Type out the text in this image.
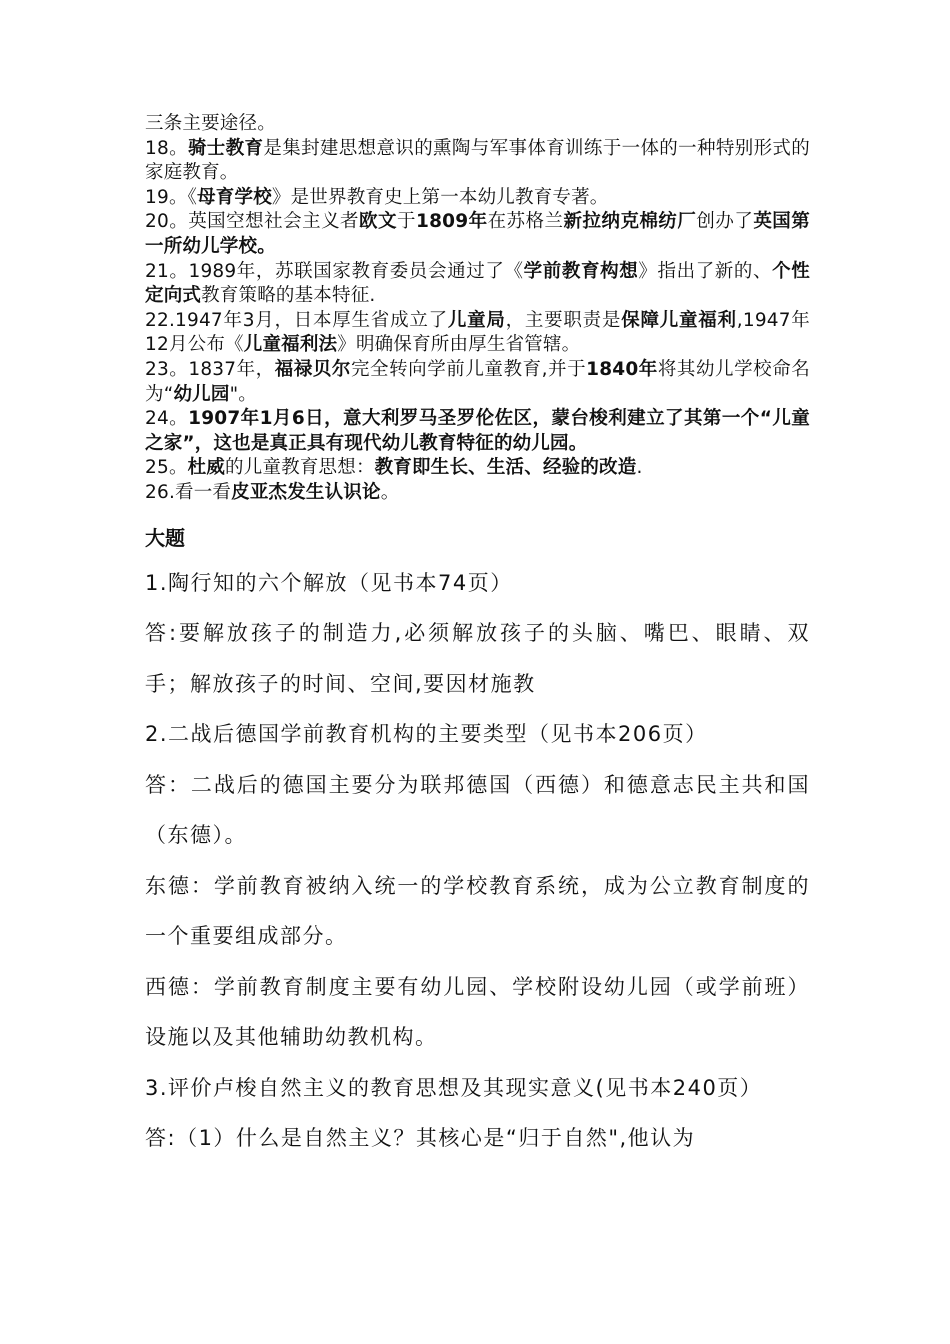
三条主要途径。

18。骑士教育是集封建思想意识的熏陶与军事体育训练于一体的一种特别形式的家庭教育。

19。《母育学校》是世界教育史上第一本幼儿教育专著。

20。英国空想社会主义者欧文于1809年在苏格兰新拉纳克棉纺厂创办了英国第一所幼儿学校。

21。1989年，苏联国家教育委员会通过了《学前教育构想》指出了新的、个性定向式教育策略的基本特征.

22.1947年3月，日本厚生省成立了儿童局，主要职责是保障儿童福利,1947年12月公布《儿童福利法》明确保育所由厚生省管辖。

23。1837年，福禄贝尔完全转向学前儿童教育,并于1840年将其幼儿学校命名为“幼儿园"。

24。1907年1月6日，意大利罗马圣罗伦佐区，蒙台梭利建立了其第一个“儿童之家”，这也是真正具有现代幼儿教育特征的幼儿园。

25。杜威的儿童教育思想：教育即生长、生活、经验的改造.

26.看一看皮亚杰发生认识论。

大题

1.陶行知的六个解放（见书本74页）

答:要解放孩子的制造力,必须解放孩子的头脑、嘴巴、眼睛、双手；解放孩子的时间、空间,要因材施教

2.二战后德国学前教育机构的主要类型（见书本206页）

答：二战后的德国主要分为联邦德国（西德）和德意志民主共和国（东德）。

东德：学前教育被纳入统一的学校教育系统，成为公立教育制度的一个重要组成部分。

西德：学前教育制度主要有幼儿园、学校附设幼儿园（或学前班）设施以及其他辅助幼教机构。

3.评价卢梭自然主义的教育思想及其现实意义(见书本240页）

答:（1）什么是自然主义？其核心是“归于自然",他认为
